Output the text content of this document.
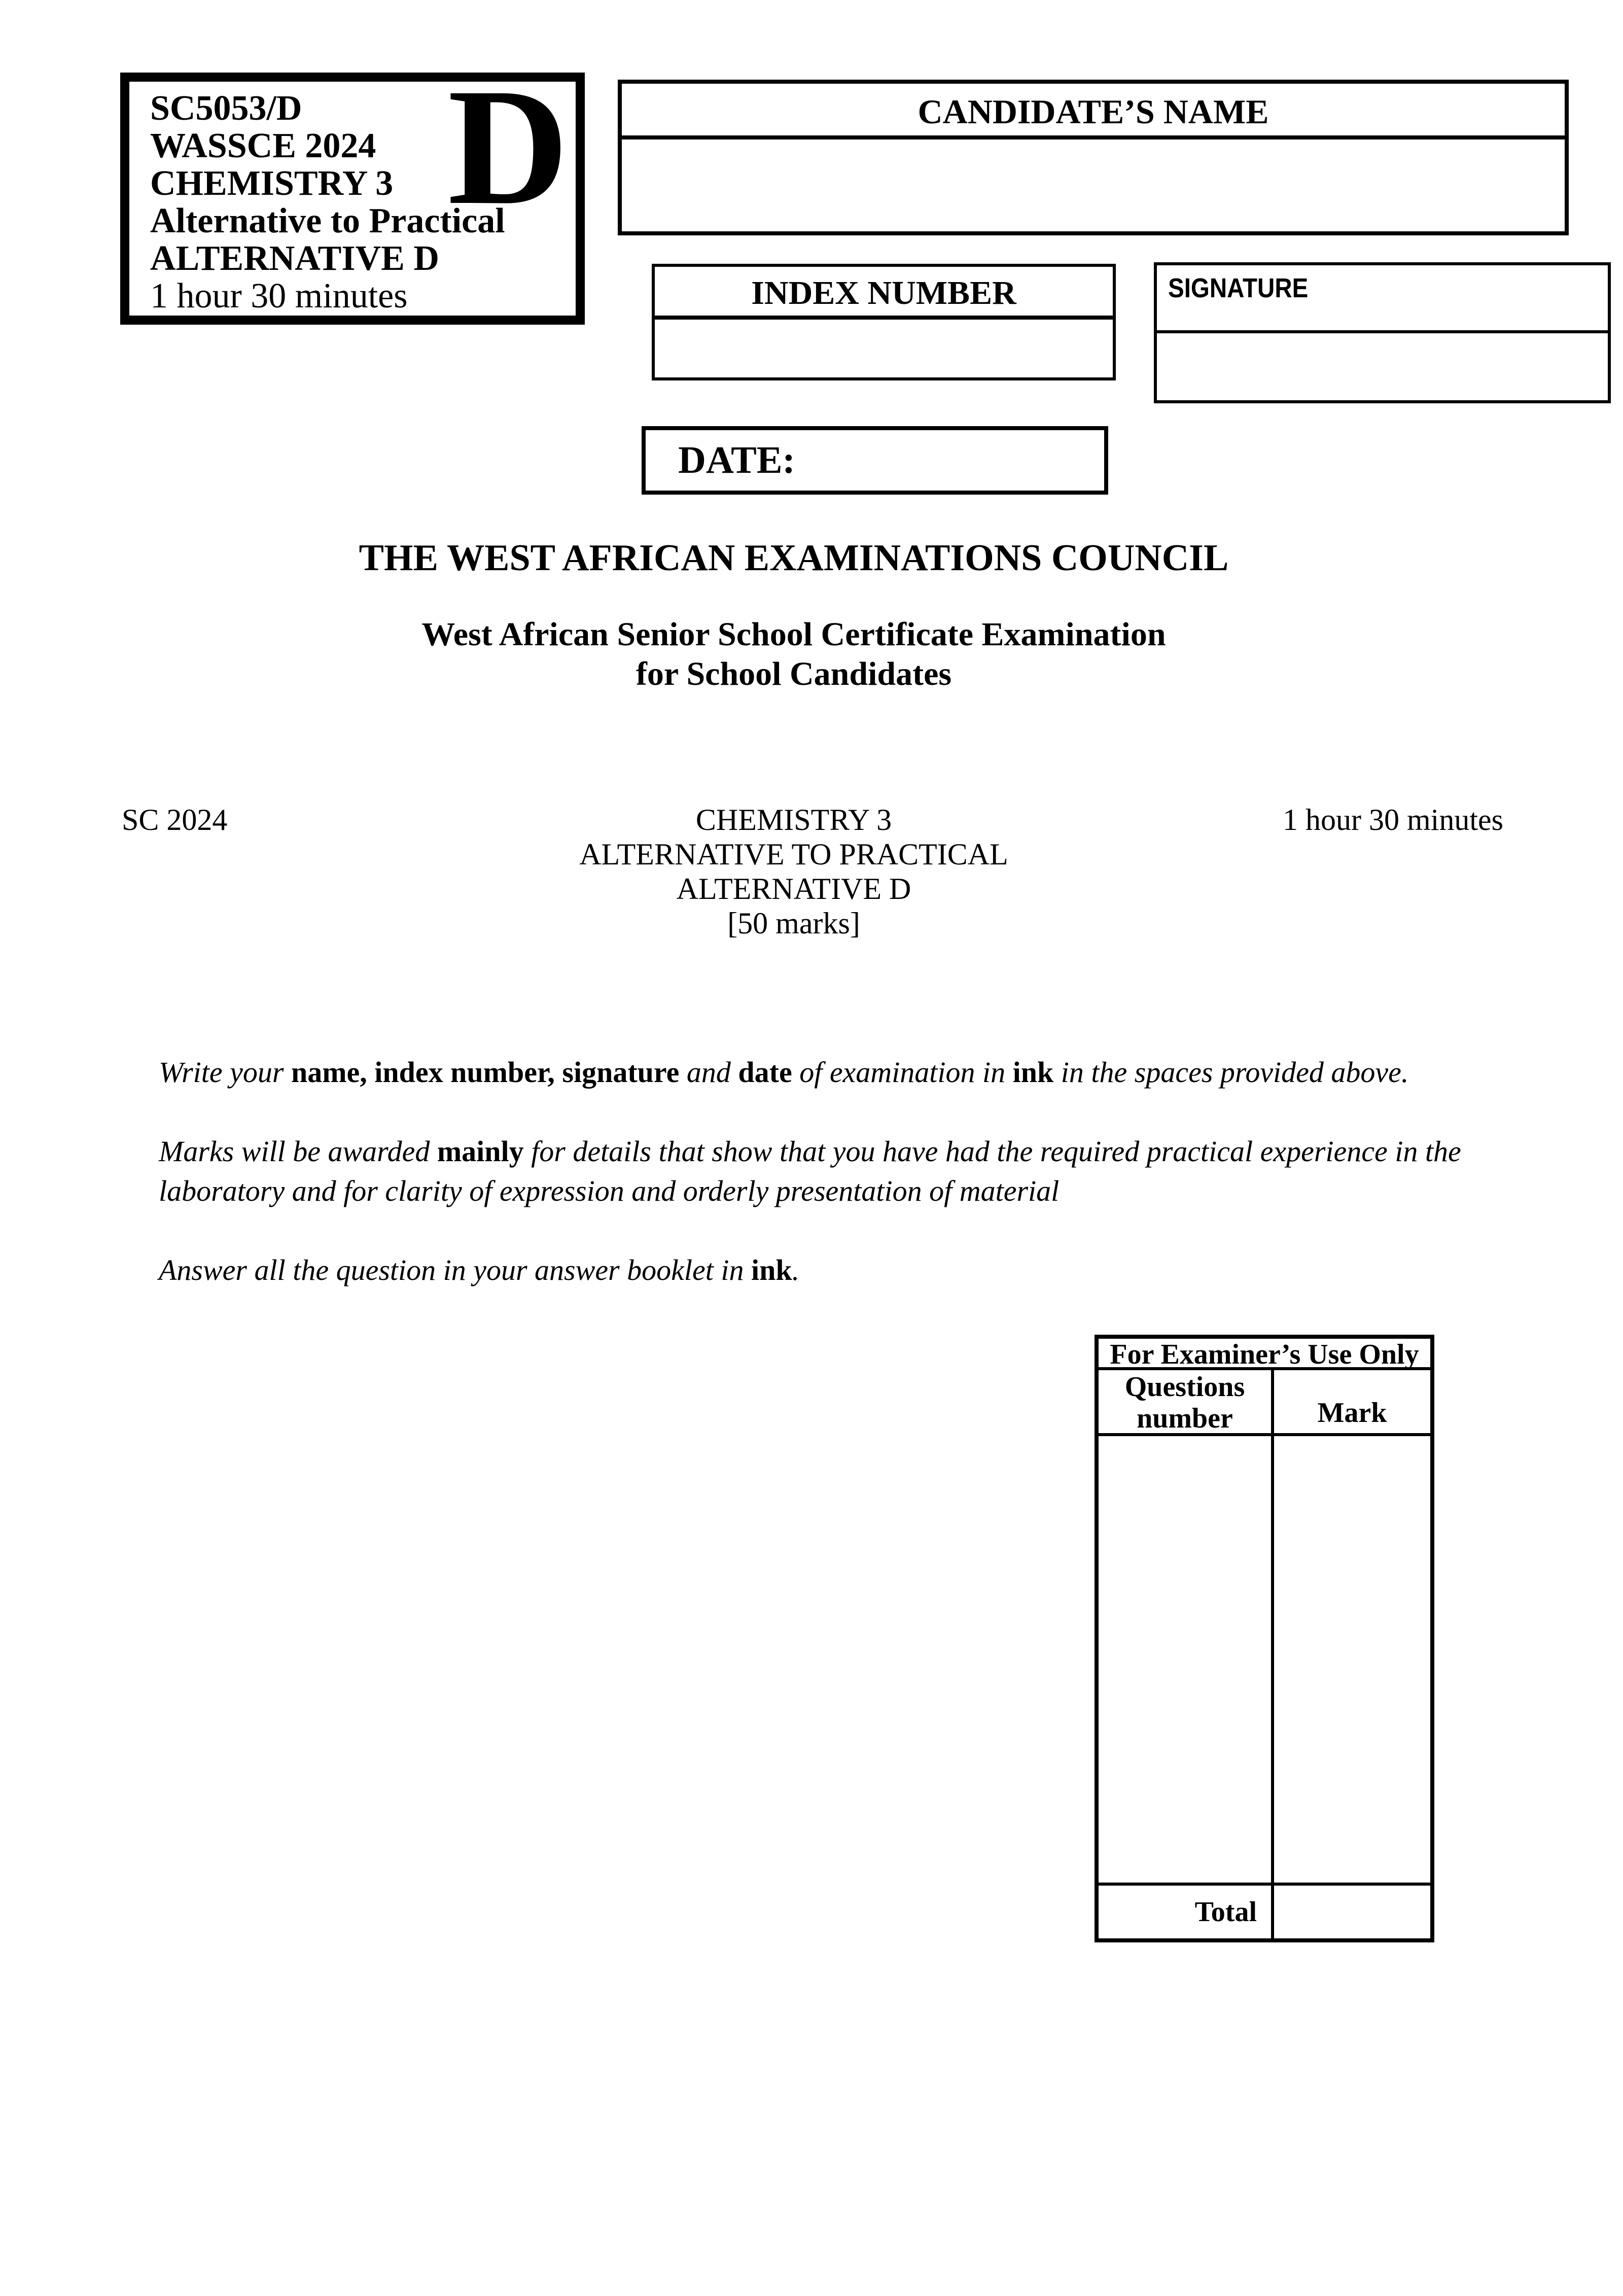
SC5053/D
WASSCE 2024
CHEMISTRY 3
Alternative to Practical
ALTERNATIVE D
1 hour 30 minutes
D	CANDIDATE’S NAME
INDEX NUMBER	SIGNATURE
DATE:
THE WEST AFRICAN EXAMINATIONS COUNCIL
West African Senior School Certificate Examination
for School Candidates
SC 2024	CHEMISTRY 3
ALTERNATIVE TO PRACTICAL
ALTERNATIVE D
[50 marks]
1 hour 30 minutes

Write your name, index number, signature and date of examination in ink in the spaces provided above.

Marks will be awarded mainly for details that show that you have had the required practical experience in the laboratory and for clarity of expression and orderly presentation of material

Answer all the question in your answer booklet in ink.

For Examiner’s Use Only
Questions number	Mark
Total
